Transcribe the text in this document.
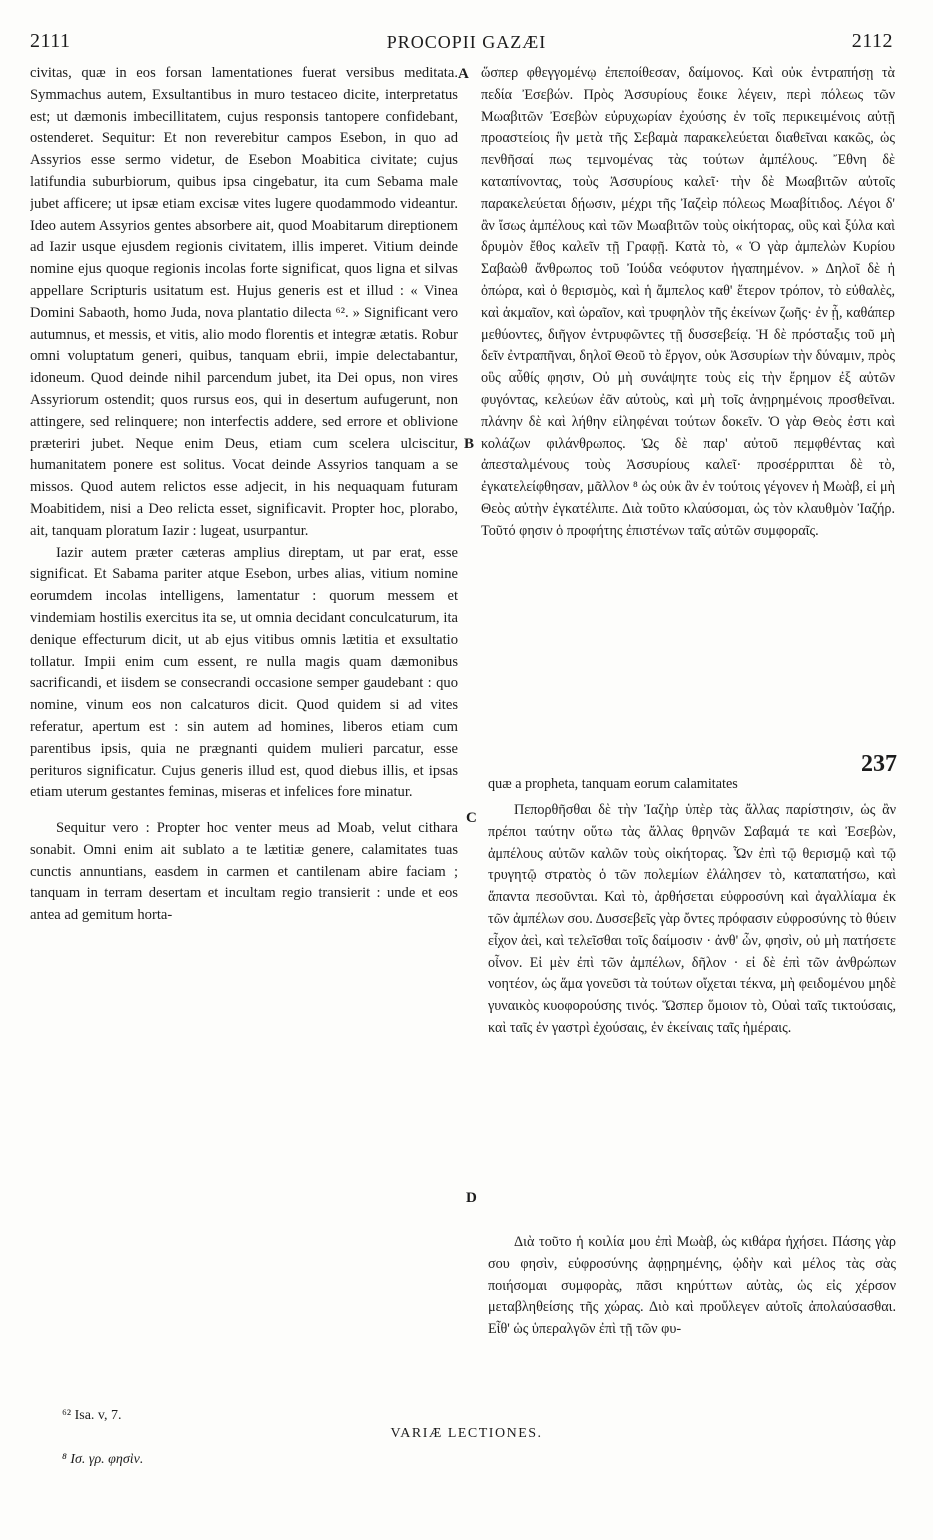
2111	PROCOPII GAZÆI	2112

civitas, quæ in eos forsan lamentationes fuerat versibus meditata. Symmachus autem, Exsultantibus in muro testaceo dicite, interpretatus est; ut dæmonis imbecillitatem, cujus responsis tantopere confidebant, ostenderet. Sequitur: Et non reverebitur campos Esebon, in quo ad Assyrios esse sermo videtur, de Esebon Moabitica civitate; cujus latifundia suburbiorum, quibus ipsa cingebatur, ita cum Sebama male jubet afficere; ut ipsæ etiam excisæ vites lugere quodammodo videantur. Ideo autem Assyrios gentes absorbere ait, quod Moabitarum direptionem ad Iazir usque ejusdem regionis civitatem, illis imperet. Vitium deinde nomine ejus quoque regionis incolas forte significat, quos ligna et silvas appellare Scripturis usitatum est. Hujus generis est et illud : « Vinea Domini Sabaoth, homo Juda, nova plantatio dilecta ⁶². » Significant vero autumnus, et messis, et vitis, alio modo florentis et integræ ætatis. Robur omni voluptatum generi, quibus, tanquam ebrii, impie delectabantur, idoneum. Quod deinde nihil parcendum jubet, ita Dei opus, non vires Assyriorum ostendit; quos rursus eos, qui in desertum aufugerunt, non attingere, sed relinquere; non interfectis addere, sed errore et oblivione præteriri jubet. Neque enim Deus, etiam cum scelera ulciscitur, humanitatem ponere est solitus. Vocat deinde Assyrios tanquam a se missos. Quod autem relictos esse adjecit, in his nequaquam futuram Moabitidem, nisi a Deo relicta esset, significavit. Propter hoc, plorabo, ait, tanquam ploratum Iazir : lugeat, usurpantur.

Iazir autem præter cæteras amplius direptam, ut par erat, esse significat. Et Sabama pariter atque Esebon, urbes alias, vitium nomine eorumdem incolas intelligens, lamentatur : quorum messem et vindemiam hostilis exercitus ita se, ut omnia decidant conculcaturum, ita denique effecturum dicit, ut ab ejus vitibus omnis lætitia et exsultatio tollatur. Impii enim cum essent, re nulla magis quam dæmonibus sacrificandi, et iisdem se consecrandi occasione semper gaudebant : quo nomine, vinum eos non calcaturos dicit. Quod quidem si ad vites referatur, apertum est : sin autem ad homines, liberos etiam cum parentibus ipsis, quia ne prægnanti quidem mulieri parcatur, esse perituros significatur. Cujus generis illud est, quod diebus illis, et ipsas etiam uterum gestantes feminas, miseras et infelices fore minatur.

Sequitur vero : Propter hoc venter meus ad Moab, velut cithara sonabit. Omni enim ait sublato a te lætitiæ genere, calamitates tuas cunctis annuntians, easdem in carmen et cantilenam abire faciam ; tanquam in terram desertam et incultam regio transierit : unde et eos antea ad gemitum horta-

A
B
C
D

ὥσπερ φθεγγομένῳ ἐπεποίθεσαν, δαίμονος. Καὶ οὐκ ἐντραπήσῃ τὰ πεδία Ἐσεβών. Πρὸς Ἀσσυρίους ἔοικε λέγειν, περὶ πόλεως τῶν Μωαβιτῶν Ἐσεβὼν εὐρυχωρίαν ἐχούσης ἐν τοῖς περικειμένοις αὐτῇ προαστείοις ἣν μετὰ τῆς Σεβαμὰ παρακελεύεται διαθεῖναι κακῶς, ὡς πενθῆσαί πως τεμνομένας τὰς τούτων ἀμπέλους. Ἔθνη δὲ καταπίνοντας, τοὺς Ἀσσυρίους καλεῖ· τὴν δὲ Μωαβιτῶν αὐτοῖς παρακελεύεται δῄωσιν, μέχρι τῆς Ἰαζεὶρ πόλεως Μωαβίτιδος. Λέγοι δ' ἂν ἴσως ἀμπέλους καὶ τῶν Μωαβιτῶν τοὺς οἰκήτορας, οὓς καὶ ξύλα καὶ δρυμὸν ἔθος καλεῖν τῇ Γραφῇ. Κατὰ τὸ, « Ὁ γὰρ ἀμπελὼν Κυρίου Σαβαὼθ ἄνθρωπος τοῦ Ἰούδα νεόφυτον ἠγαπημένον. » Δηλοῖ δὲ ἡ ὀπώρα, καὶ ὁ θερισμὸς, καὶ ἡ ἄμπελος καθ' ἕτερον τρόπον, τὸ εὐθαλὲς, καὶ ἀκμαῖον, καὶ ὡραῖον, καὶ τρυφηλὸν τῆς ἐκείνων ζωῆς· ἐν ᾗ, καθάπερ μεθύοντες, διῆγον ἐντρυφῶντες τῇ δυσσεβείᾳ. Ἡ δὲ πρόσταξις τοῦ μὴ δεῖν ἐντραπῆναι, δηλοῖ Θεοῦ τὸ ἔργον, οὐκ Ἀσσυρίων τὴν δύναμιν, πρὸς οὓς αὖθίς φησιν, Οὐ μὴ συνάψητε τοὺς εἰς τὴν ἔρημον ἐξ αὐτῶν φυγόντας, κελεύων ἐᾶν αὐτοὺς, καὶ μὴ τοῖς ἀνῃρημένοις προσθεῖναι. πλάνην δὲ καὶ λήθην εἰληφέναι τούτων δοκεῖν. Ὁ γὰρ Θεὸς ἐστι καὶ κολάζων φιλάνθρωπος. Ὡς δὲ παρ' αὐτοῦ πεμφθέντας καὶ ἀπεσταλμένους τοὺς Ἀσσυρίους καλεῖ· προσέρριπται δὲ τὸ, ἐγκατελείφθησαν, μᾶλλον ⁸ ὡς οὐκ ἂν ἐν τούτοις γέγονεν ἡ Μωὰβ, εἰ μὴ Θεὸς αὐτὴν ἐγκατέλιπε. Διὰ τοῦτο κλαύσομαι, ὡς τὸν κλαυθμὸν Ἰαζήρ. Τοῦτό φησιν ὁ προφήτης ἐπιστένων ταῖς αὐτῶν συμφοραῖς.

quæ a propheta, tanquam eorum calamitates
237

Πεπορθῆσθαι δὲ τὴν Ἰαζὴρ ὑπὲρ τὰς ἄλλας παρίστησιν, ὡς ἂν πρέποι ταύτην οὕτω τὰς ἄλλας θρηνῶν Σαβαμά τε καὶ Ἐσεβὼν, ἀμπέλους αὐτῶν καλῶν τοὺς οἰκήτορας. Ὧν ἐπὶ τῷ θερισμῷ καὶ τῷ τρυγητῷ στρατὸς ὁ τῶν πολεμίων ἐλάλησεν τὸ, καταπατήσω, καὶ ἅπαντα πεσοῦνται. Καὶ τὸ, ἀρθήσεται εὐφροσύνη καὶ ἀγαλλίαμα ἐκ τῶν ἀμπέλων σου. Δυσσεβεῖς γὰρ ὄντες πρόφασιν εὐφροσύνης τὸ θύειν εἶχον ἀεὶ, καὶ τελεῖσθαι τοῖς δαίμοσιν · ἀνθ' ὧν, φησὶν, οὐ μὴ πατήσετε οἶνον. Εἰ μὲν ἐπὶ τῶν ἀμπέλων, δῆλον · εἰ δὲ ἐπὶ τῶν ἀνθρώπων νοητέον, ὡς ἅμα γονεῦσι τὰ τούτων οἴχεται τέκνα, μὴ φειδομένου μηδὲ γυναικὸς κυοφορούσης τινός. Ὥσπερ ὅμοιον τὸ, Οὐαὶ ταῖς τικτούσαις, καὶ ταῖς ἐν γαστρὶ ἐχούσαις, ἐν ἐκείναις ταῖς ἡμέραις.

Διὰ τοῦτο ἡ κοιλία μου ἐπὶ Μωὰβ, ὡς κιθάρα ἠχήσει. Πάσης γὰρ σου φησὶν, εὐφροσύνης ἀφῃρημένης, ᾠδὴν καὶ μέλος τὰς σὰς ποιήσομαι συμφορὰς, πᾶσι κηρύττων αὐτὰς, ὡς εἰς χέρσον μεταβληθείσης τῆς χώρας. Διὸ καὶ προὔλεγεν αὐτοῖς ἀπολαύσασθαι. Εἶθ' ὡς ὑπεραλγῶν ἐπὶ τῇ τῶν φυ-

⁶² Isa. v, 7.
VARIÆ LECTIONES.
⁸ Ισ. γρ. φησὶν.
